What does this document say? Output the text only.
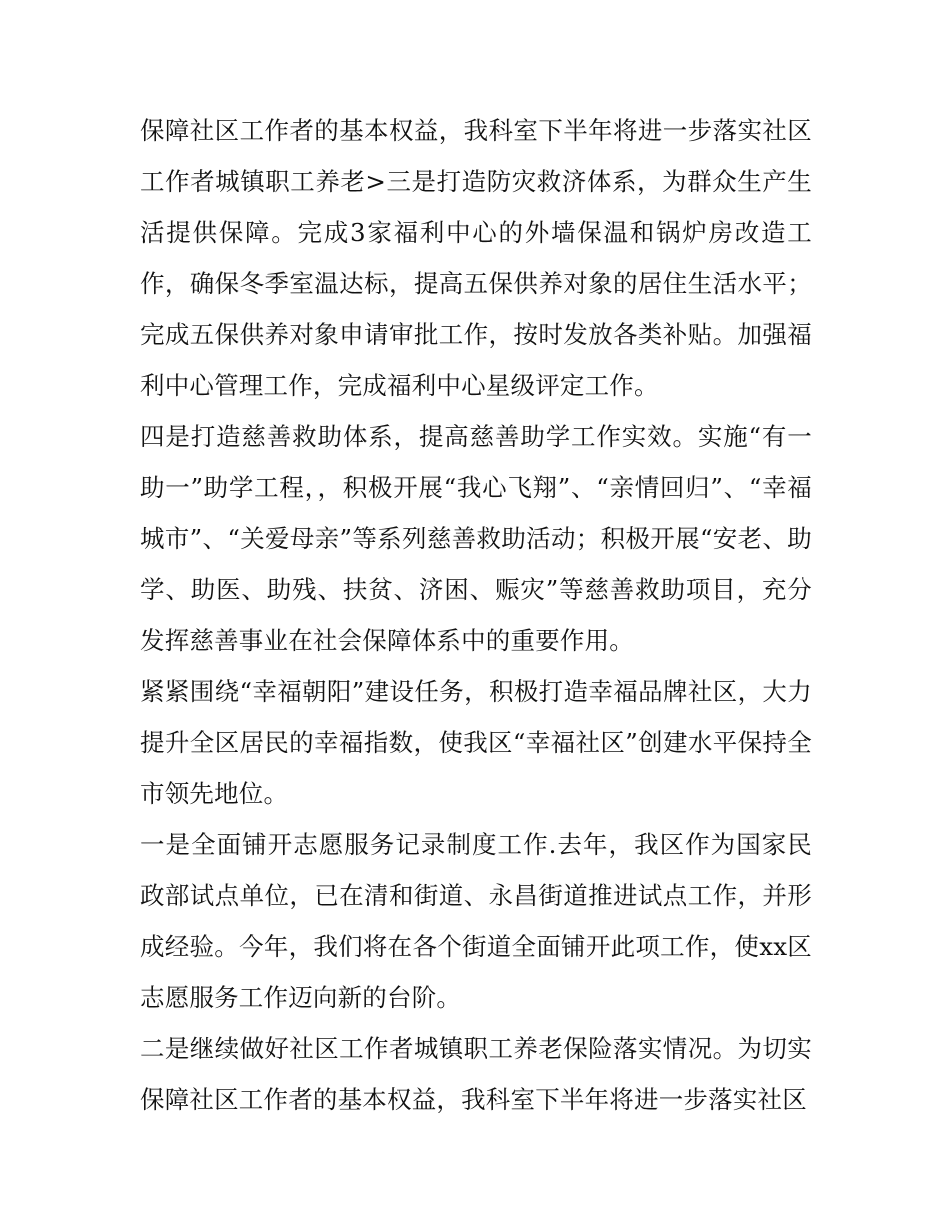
保障社区工作者的基本权益，我科室下半年将进一步落实社区工作者城镇职工养老>三是打造防灾救济体系，为群众生产生活提供保障。完成3家福利中心的外墙保温和锅炉房改造工作，确保冬季室温达标，提高五保供养对象的居住生活水平；完成五保供养对象申请审批工作，按时发放各类补贴。加强福利中心管理工作，完成福利中心星级评定工作。

四是打造慈善救助体系，提高慈善助学工作实效。实施“有一助一”助学工程，，积极开展“我心飞翔”、“亲情回归”、“幸福城市”、“关爱母亲”等系列慈善救助活动；积极开展“安老、助学、助医、助残、扶贫、济困、赈灾”等慈善救助项目，充分发挥慈善事业在社会保障体系中的重要作用。

紧紧围绕“幸福朝阳”建设任务，积极打造幸福品牌社区，大力提升全区居民的幸福指数，使我区“幸福社区”创建水平保持全市领先地位。

一是全面铺开志愿服务记录制度工作.去年，我区作为国家民政部试点单位，已在清和街道、永昌街道推进试点工作，并形成经验。今年，我们将在各个街道全面铺开此项工作，使xx区志愿服务工作迈向新的台阶。

二是继续做好社区工作者城镇职工养老保险落实情况。为切实保障社区工作者的基本权益，我科室下半年将进一步落实社区
